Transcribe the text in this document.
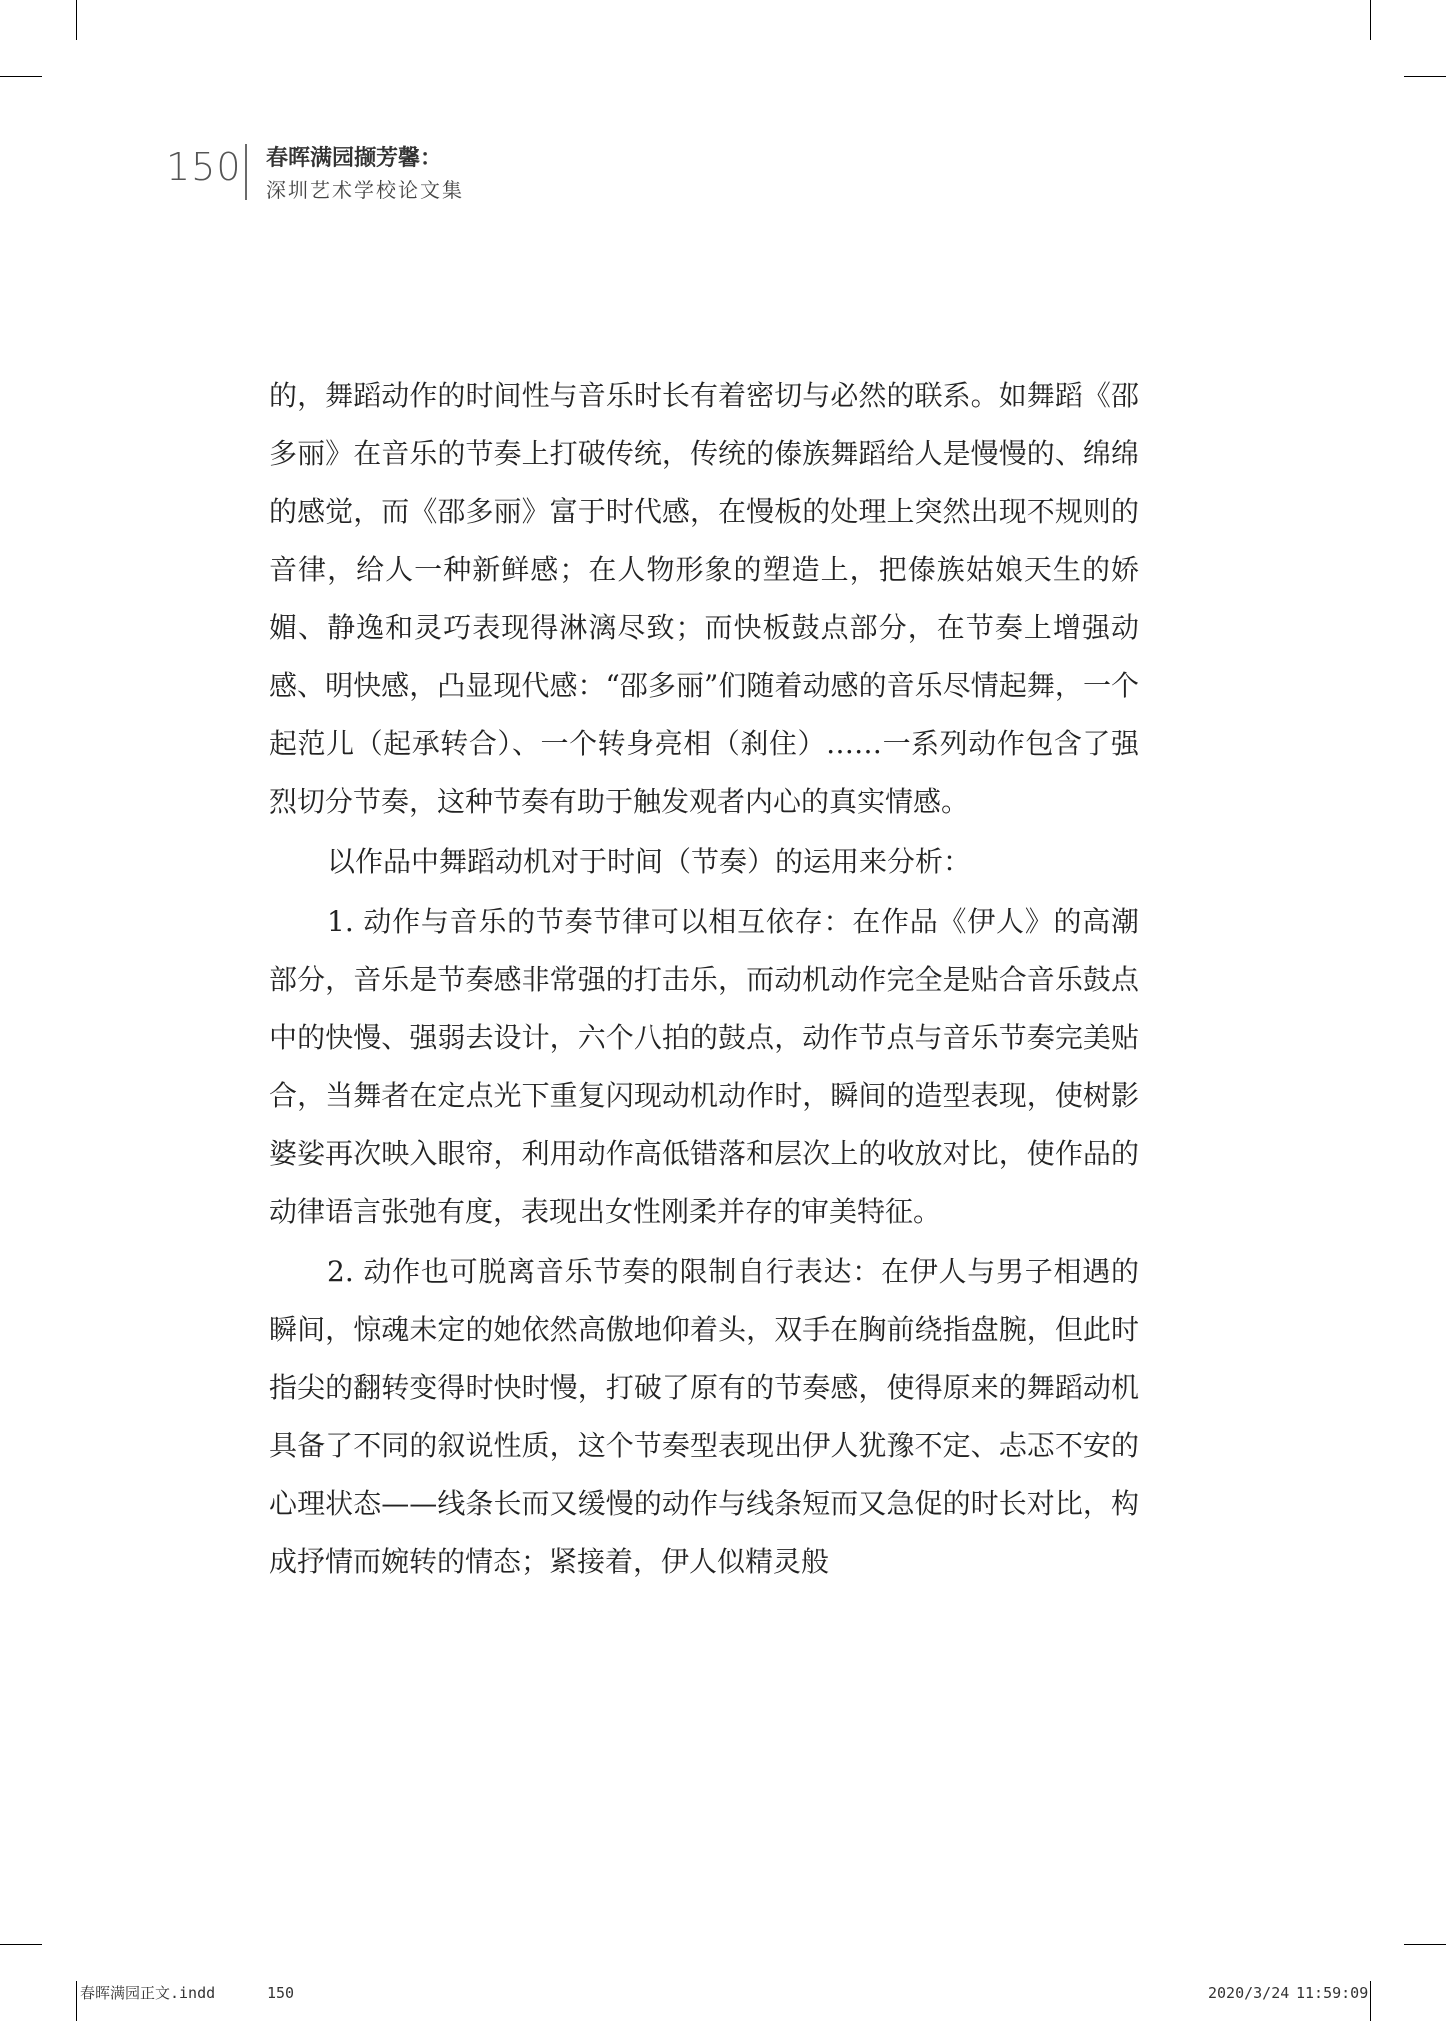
150 春晖满园撷芳馨：
深圳艺术学校论文集

的，舞蹈动作的时间性与音乐时长有着密切与必然的联系。如舞蹈《邵多丽》在音乐的节奏上打破传统，传统的傣族舞蹈给人是慢慢的、绵绵的感觉，而《邵多丽》富于时代感，在慢板的处理上突然出现不规则的音律，给人一种新鲜感；在人物形象的塑造上，把傣族姑娘天生的娇媚、静逸和灵巧表现得淋漓尽致；而快板鼓点部分，在节奏上增强动感、明快感，凸显现代感：“邵多丽”们随着动感的音乐尽情起舞，一个起范儿（起承转合）、一个转身亮相（刹住）……一系列动作包含了强烈切分节奏，这种节奏有助于触发观者内心的真实情感。

以作品中舞蹈动机对于时间（节奏）的运用来分析：

1. 动作与音乐的节奏节律可以相互依存：在作品《伊人》的高潮部分，音乐是节奏感非常强的打击乐，而动机动作完全是贴合音乐鼓点中的快慢、强弱去设计，六个八拍的鼓点，动作节点与音乐节奏完美贴合，当舞者在定点光下重复闪现动机动作时，瞬间的造型表现，使树影婆娑再次映入眼帘，利用动作高低错落和层次上的收放对比，使作品的动律语言张弛有度，表现出女性刚柔并存的审美特征。

2. 动作也可脱离音乐节奏的限制自行表达：在伊人与男子相遇的瞬间，惊魂未定的她依然高傲地仰着头，双手在胸前绕指盘腕，但此时指尖的翻转变得时快时慢，打破了原有的节奏感，使得原来的舞蹈动机具备了不同的叙说性质，这个节奏型表现出伊人犹豫不定、忐忑不安的心理状态——线条长而又缓慢的动作与线条短而又急促的时长对比，构成抒情而婉转的情态；紧接着，伊人似精灵般

春晖满园正文.indd	150	2020/3/24 11:59:09
